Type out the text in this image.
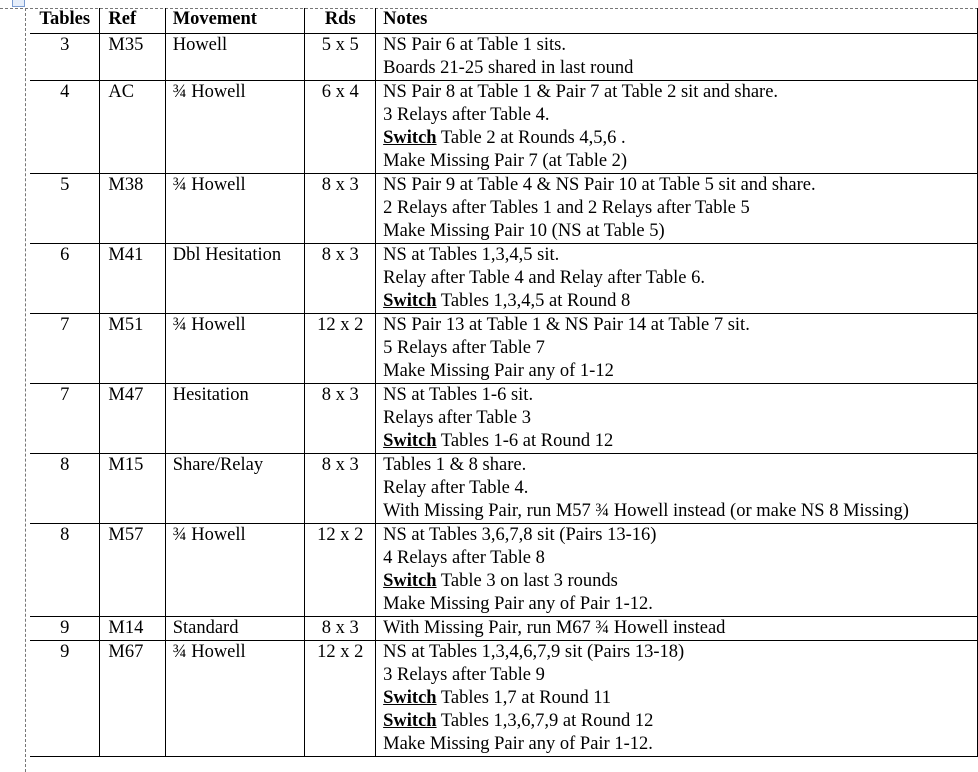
Tables	Ref	Movement	Rds	Notes
3	M35	Howell	5 x 5	NS Pair 6 at Table 1 sits.
Boards 21-25 shared in last round

4	AC	¾ Howell	6 x 4	NS Pair 8 at Table 1 & Pair 7 at Table 2 sit and share.
3 Relays after Table 4.
Switch Table 2 at Rounds 4,5,6 .
Make Missing Pair 7 (at Table 2)

5	M38	¾ Howell	8 x 3	NS Pair 9 at Table 4 & NS Pair 10 at Table 5 sit and share.
2 Relays after Tables 1 and 2 Relays after Table 5
Make Missing Pair 10 (NS at Table 5)

6	M41	Dbl Hesitation	8 x 3	NS at Tables 1,3,4,5 sit.
Relay after Table 4 and Relay after Table 6.
Switch Tables 1,3,4,5 at Round 8

7	M51	¾ Howell	12 x 2	NS Pair 13 at Table 1 & NS Pair 14 at Table 7 sit.
5 Relays after Table 7
Make Missing Pair any of 1-12

7	M47	Hesitation	8 x 3	NS at Tables 1-6 sit.
Relays after Table 3
Switch Tables 1-6 at Round 12

8	M15	Share/Relay	8 x 3	Tables 1 & 8 share.
Relay after Table 4.
With Missing Pair, run M57 ¾ Howell instead (or make NS 8 Missing)

8	M57	¾ Howell	12 x 2	NS at Tables 3,6,7,8 sit (Pairs 13-16)
4 Relays after Table 8
Switch Table 3 on last 3 rounds
Make Missing Pair any of Pair 1-12.

9	M14	Standard	8 x 3	With Missing Pair, run M67 ¾ Howell instead

9	M67	¾ Howell	12 x 2	NS at Tables 1,3,4,6,7,9 sit (Pairs 13-18)
3 Relays after Table 9
Switch Tables 1,7 at Round 11
Switch Tables 1,3,6,7,9 at Round 12
Make Missing Pair any of Pair 1-12.
